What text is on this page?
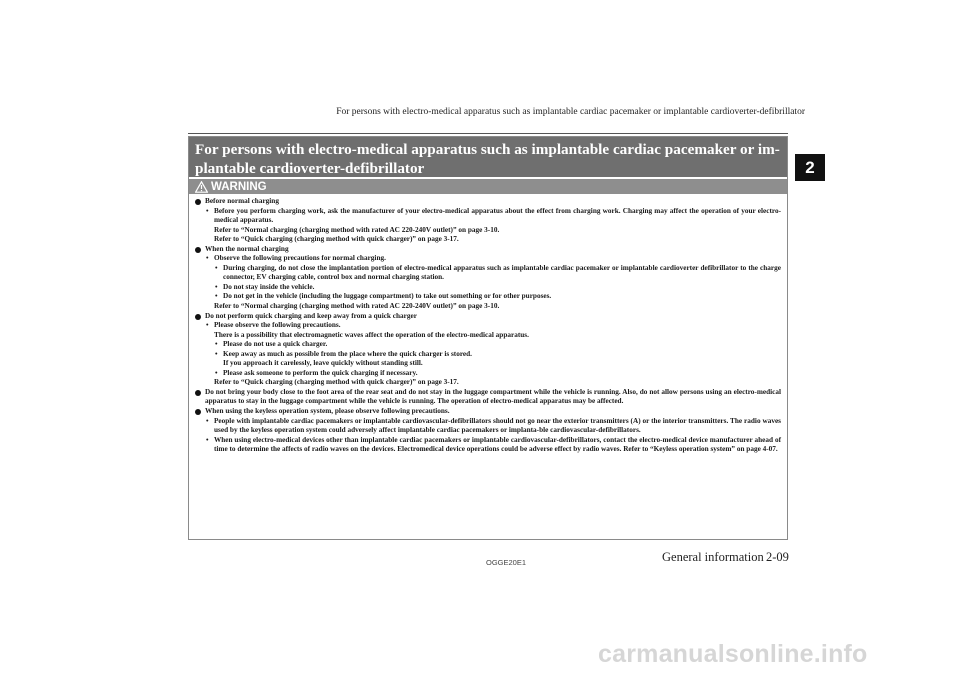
For persons with electro-medical apparatus such as implantable cardiac pacemaker or implantable cardioverter-defibrillator
2
For persons with electro-medical apparatus such as implantable cardiac pacemaker or im-
plantable cardioverter-defibrillator
WARNING
Before normal charging
• Before you perform charging work, ask the manufacturer of your electro-medical apparatus about the effect from charging work. Charging may affect the operation of your electro-medical apparatus.
Refer to “Normal charging (charging method with rated AC 220-240V outlet)” on page 3-10.
Refer to “Quick charging (charging method with quick charger)” on page 3-17.
When the normal charging
• Observe the following precautions for normal charging.
• During charging, do not close the implantation portion of electro-medical apparatus such as implantable cardiac pacemaker or implantable cardioverter defibrillator to the charge connector, EV charging cable, control box and normal charging station.
• Do not stay inside the vehicle.
• Do not get in the vehicle (including the luggage compartment) to take out something or for other purposes.
Refer to “Normal charging (charging method with rated AC 220-240V outlet)” on page 3-10.
Do not perform quick charging and keep away from a quick charger
• Please observe the following precautions.
There is a possibility that electromagnetic waves affect the operation of the electro-medical apparatus.
• Please do not use a quick charger.
• Keep away as much as possible from the place where the quick charger is stored.
If you approach it carelessly, leave quickly without standing still.
• Please ask someone to perform the quick charging if necessary.
Refer to “Quick charging (charging method with quick charger)” on page 3-17.
Do not bring your body close to the foot area of the rear seat and do not stay in the luggage compartment while the vehicle is running. Also, do not allow persons using an electro-medical apparatus to stay in the luggage compartment while the vehicle is running. The operation of electro-medical apparatus may be affected.
When using the keyless operation system, please observe following precautions.
• People with implantable cardiac pacemakers or implantable cardiovascular-defibrillators should not go near the exterior transmitters (A) or the interior transmitters. The radio waves used by the keyless operation system could adversely affect implantable cardiac pacemakers or implanta-ble cardiovascular-defibrillators.
• When using electro-medical devices other than implantable cardiac pacemakers or implantable cardiovascular-defibrillators, contact the electro-medical device manufacturer ahead of time to determine the affects of radio waves on the devices. Electromedical device operations could be adverse effect by radio waves. Refer to “Keyless operation system” on page 4-07.
OGGE20E1	General information 2-09
carmanualsonline.info
